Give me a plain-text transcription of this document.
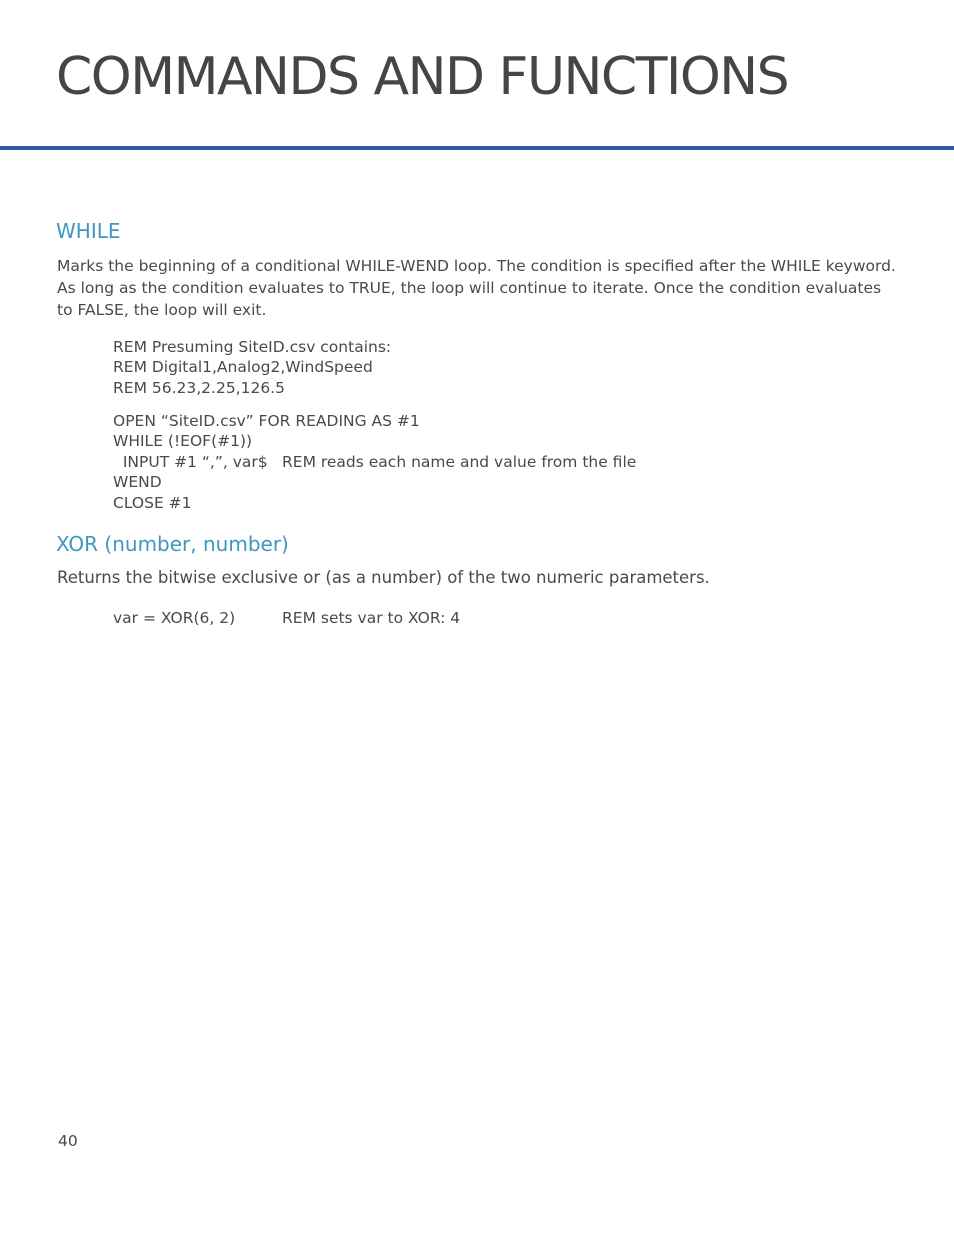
COMMANDS AND FUNCTIONS
WHILE

Marks the beginning of a conditional WHILE-WEND loop. The condition is specified after the WHILE keyword. As long as the condition evaluates to TRUE, the loop will continue to iterate. Once the condition evaluates to FALSE, the loop will exit.

REM Presuming SiteID.csv contains:
REM Digital1,Analog2,WindSpeed
REM 56.23,2.25,126.5
OPEN “SiteID.csv” FOR READING AS #1
WHILE (!EOF(#1))
INPUT #1 “,”, var$ REM reads each name and value from the file
WEND
CLOSE #1
XOR (number, number)

Returns the bitwise exclusive or (as a number) of the two numeric parameters.

var = XOR(6, 2)	REM sets var to XOR: 4
40
